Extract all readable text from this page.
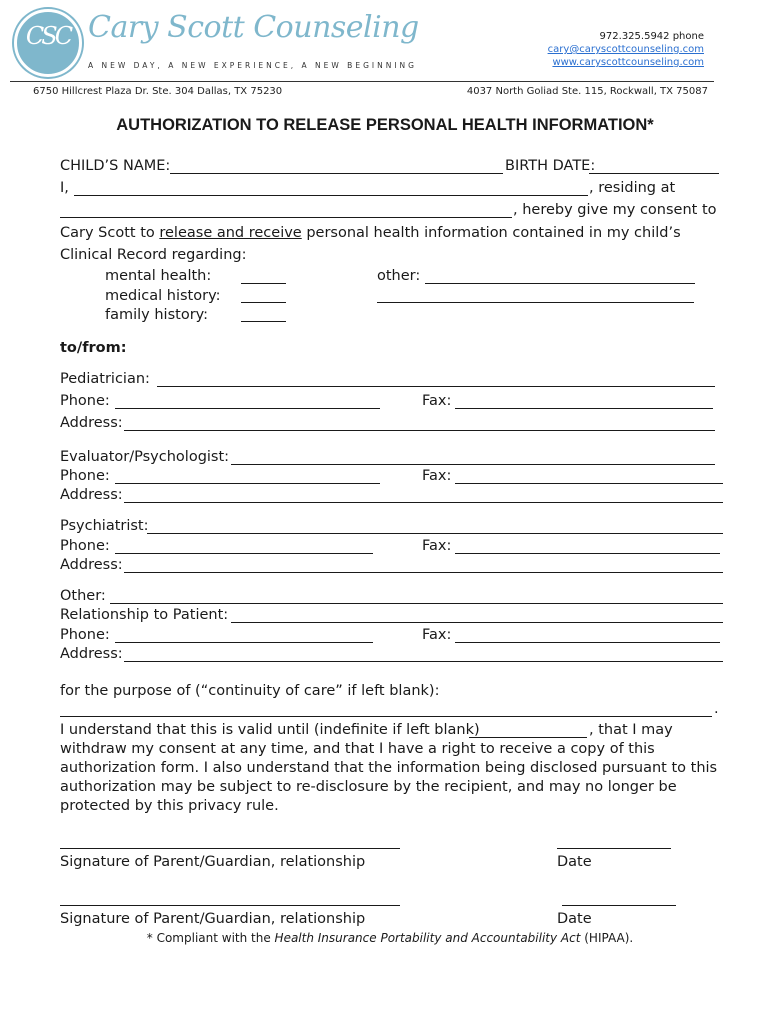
CSC Cary Scott Counseling
A NEW DAY, A NEW EXPERIENCE, A NEW BEGINNING
972.325.5942 phone
cary@caryscottcounseling.com
www.caryscottcounseling.com
6750 Hillcrest Plaza Dr. Ste. 304 Dallas, TX 75230	4037 North Goliad Ste. 115, Rockwall, TX 75087
AUTHORIZATION TO RELEASE PERSONAL HEALTH INFORMATION*
CHILD’S NAME:	BIRTH DATE:
I,	, residing at
, hereby give my consent to
Cary Scott to release and receive personal health information contained in my child’s
Clinical Record regarding:
mental health:
medical history:
family history:
other:
to/from:
Pediatrician:
Phone:	Fax:
Address:
Evaluator/Psychologist:
Phone:	Fax:
Address:
Psychiatrist:
Phone:	Fax:
Address:
Other:
Relationship to Patient:
Phone:	Fax:
Address:
for the purpose of (“continuity of care” if left blank):
.
I understand that this is valid until (indefinite if left blank)	, that I may
withdraw my consent at any time, and that I have a right to receive a copy of this
authorization form. I also understand that the information being disclosed pursuant to this
authorization may be subject to re-disclosure by the recipient, and may no longer be
protected by this privacy rule.
Signature of Parent/Guardian, relationship	Date
Signature of Parent/Guardian, relationship	Date
* Compliant with the Health Insurance Portability and Accountability Act (HIPAA).
